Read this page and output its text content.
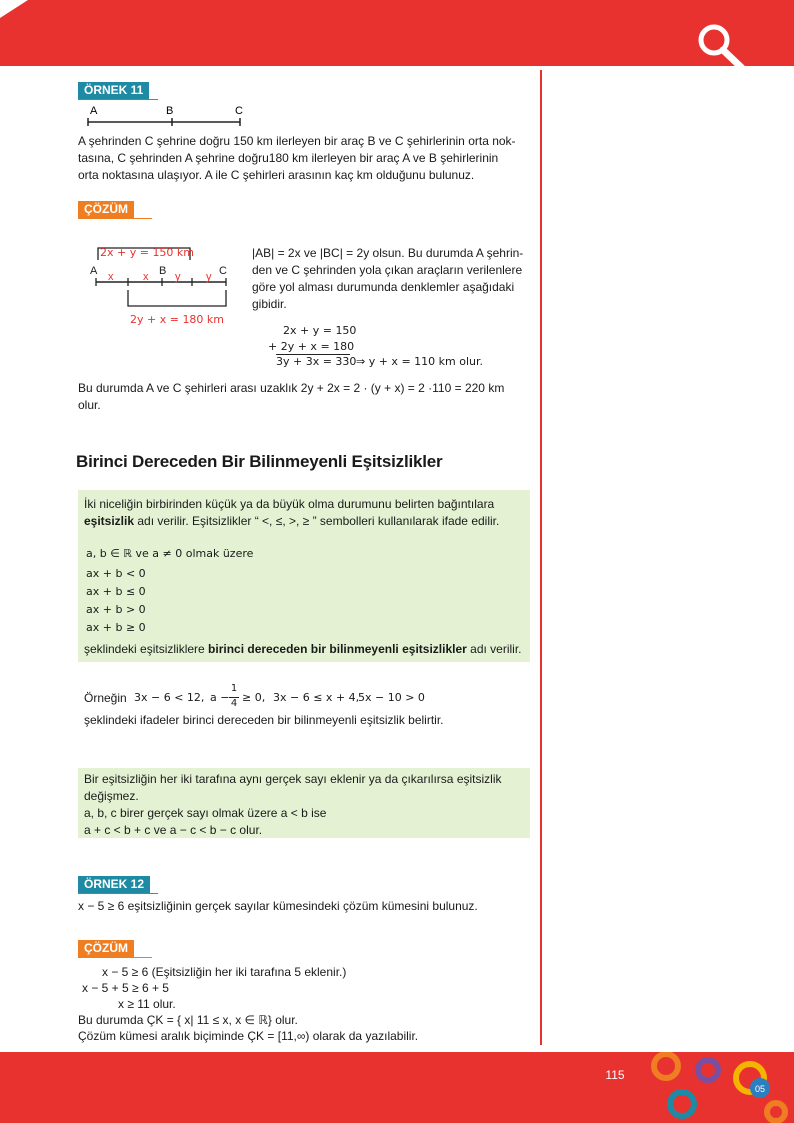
ÖRNEK 11
A	B	C
A şehrinden C şehrine doğru 150 km ilerleyen bir araç B ve C şehirlerinin orta nok-
tasına, C şehrinden A şehrine doğru180 km ilerleyen bir araç A ve B şehirlerinin
orta noktasına ulaşıyor. A ile C şehirleri arasının kaç km olduğunu bulunuz.
ÇÖZÜM
2x + y = 150 km
A	B	C
x	x y y
2y + x = 180 km
|AB| = 2x ve |BC| = 2y olsun. Bu durumda A şehrin-
den ve C şehrinden yola çıkan araçların verilenlere
göre yol alması durumunda denklemler aşağıdaki
gibidir.
2x + y = 150
+ 2y + x = 180
3y + 3x = 330 ⇒ y + x = 110 km olur.
Bu durumda A ve C şehirleri arası uzaklık 2y + 2x = 2 · (y + x) = 2 ·110 = 220 km
olur.
Birinci Dereceden Bir Bilinmeyenli Eşitsizlikler
İki niceliğin birbirinden küçük ya da büyük olma durumunu belirten bağıntılara
eşitsizlik adı verilir. Eşitsizlikler “ <, ≤, >, ≥ ” sembolleri kullanılarak ifade edilir.
a, b ∈ ℝ ve a ≠ 0 olmak üzere
ax + b < 0
ax + b ≤ 0
ax + b > 0
ax + b ≥ 0
şeklindeki eşitsizliklere birinci dereceden bir bilinmeyenli eşitsizlikler adı verilir.
Örneğin 3x − 6 < 12, a −
1
4 ≥ 0, 3x − 6 ≤ x + 4,
5x − 10 > 0
şeklindeki ifadeler birinci dereceden bir bilinmeyenli eşitsizlik belirtir.
Bir eşitsizliğin her iki tarafına aynı gerçek sayı eklenir ya da çıkarılırsa eşitsizlik
değişmez.
a, b, c birer gerçek sayı olmak üzere a < b ise
a + c < b + c ve a − c < b − c olur.
ÖRNEK 12
x − 5 ≥ 6 eşitsizliğinin gerçek sayılar kümesindeki çözüm kümesini bulunuz.
ÇÖZÜM
x − 5 ≥ 6 (Eşitsizliğin her iki tarafına 5 eklenir.)
x − 5 + 5 ≥ 6 + 5
x ≥ 11 olur.
Bu durumda ÇK = { x| 11 ≤ x, x ∈ ℝ} olur.
Çözüm kümesi aralık biçiminde ÇK = [11,∞) olarak da yazılabilir.
115
05
